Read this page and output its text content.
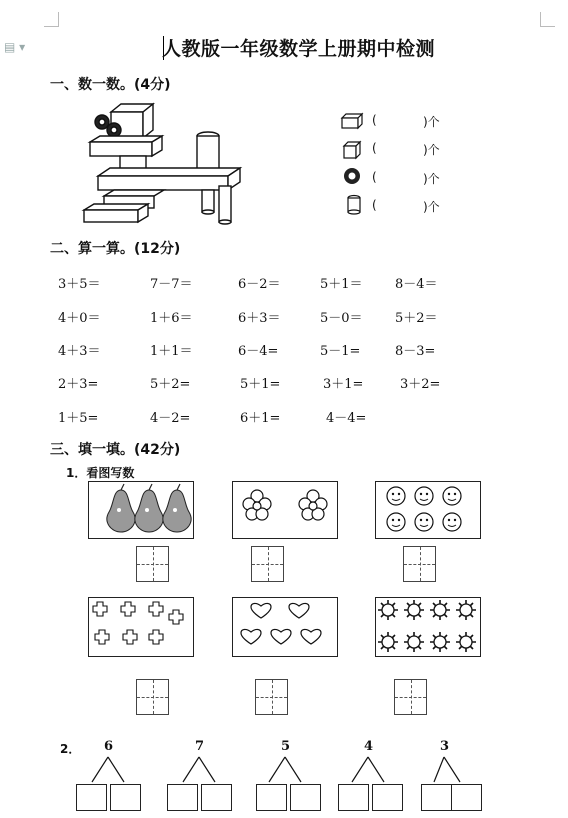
▤ ▾	人教版一年级数学上册期中检测
一、数一数。(4分)
(	)个
(	)个
(	)个
(	)个
二、算一算。(12分)
3＋5＝	7－7＝	6－2＝	5＋1＝ 8－4＝
4＋0＝	1＋6＝	6＋3＝	5－0＝ 5＋2＝
4＋3＝	1＋1＝	6－4=	5－1=	8－3=
2＋3=	5＋2=	5＋1=	3＋1=	3＋2=
1＋5=	4－2=	6＋1=	4－4=
三、填一填。(42分)
1．看图写数
2． 6	7	5	4	3
